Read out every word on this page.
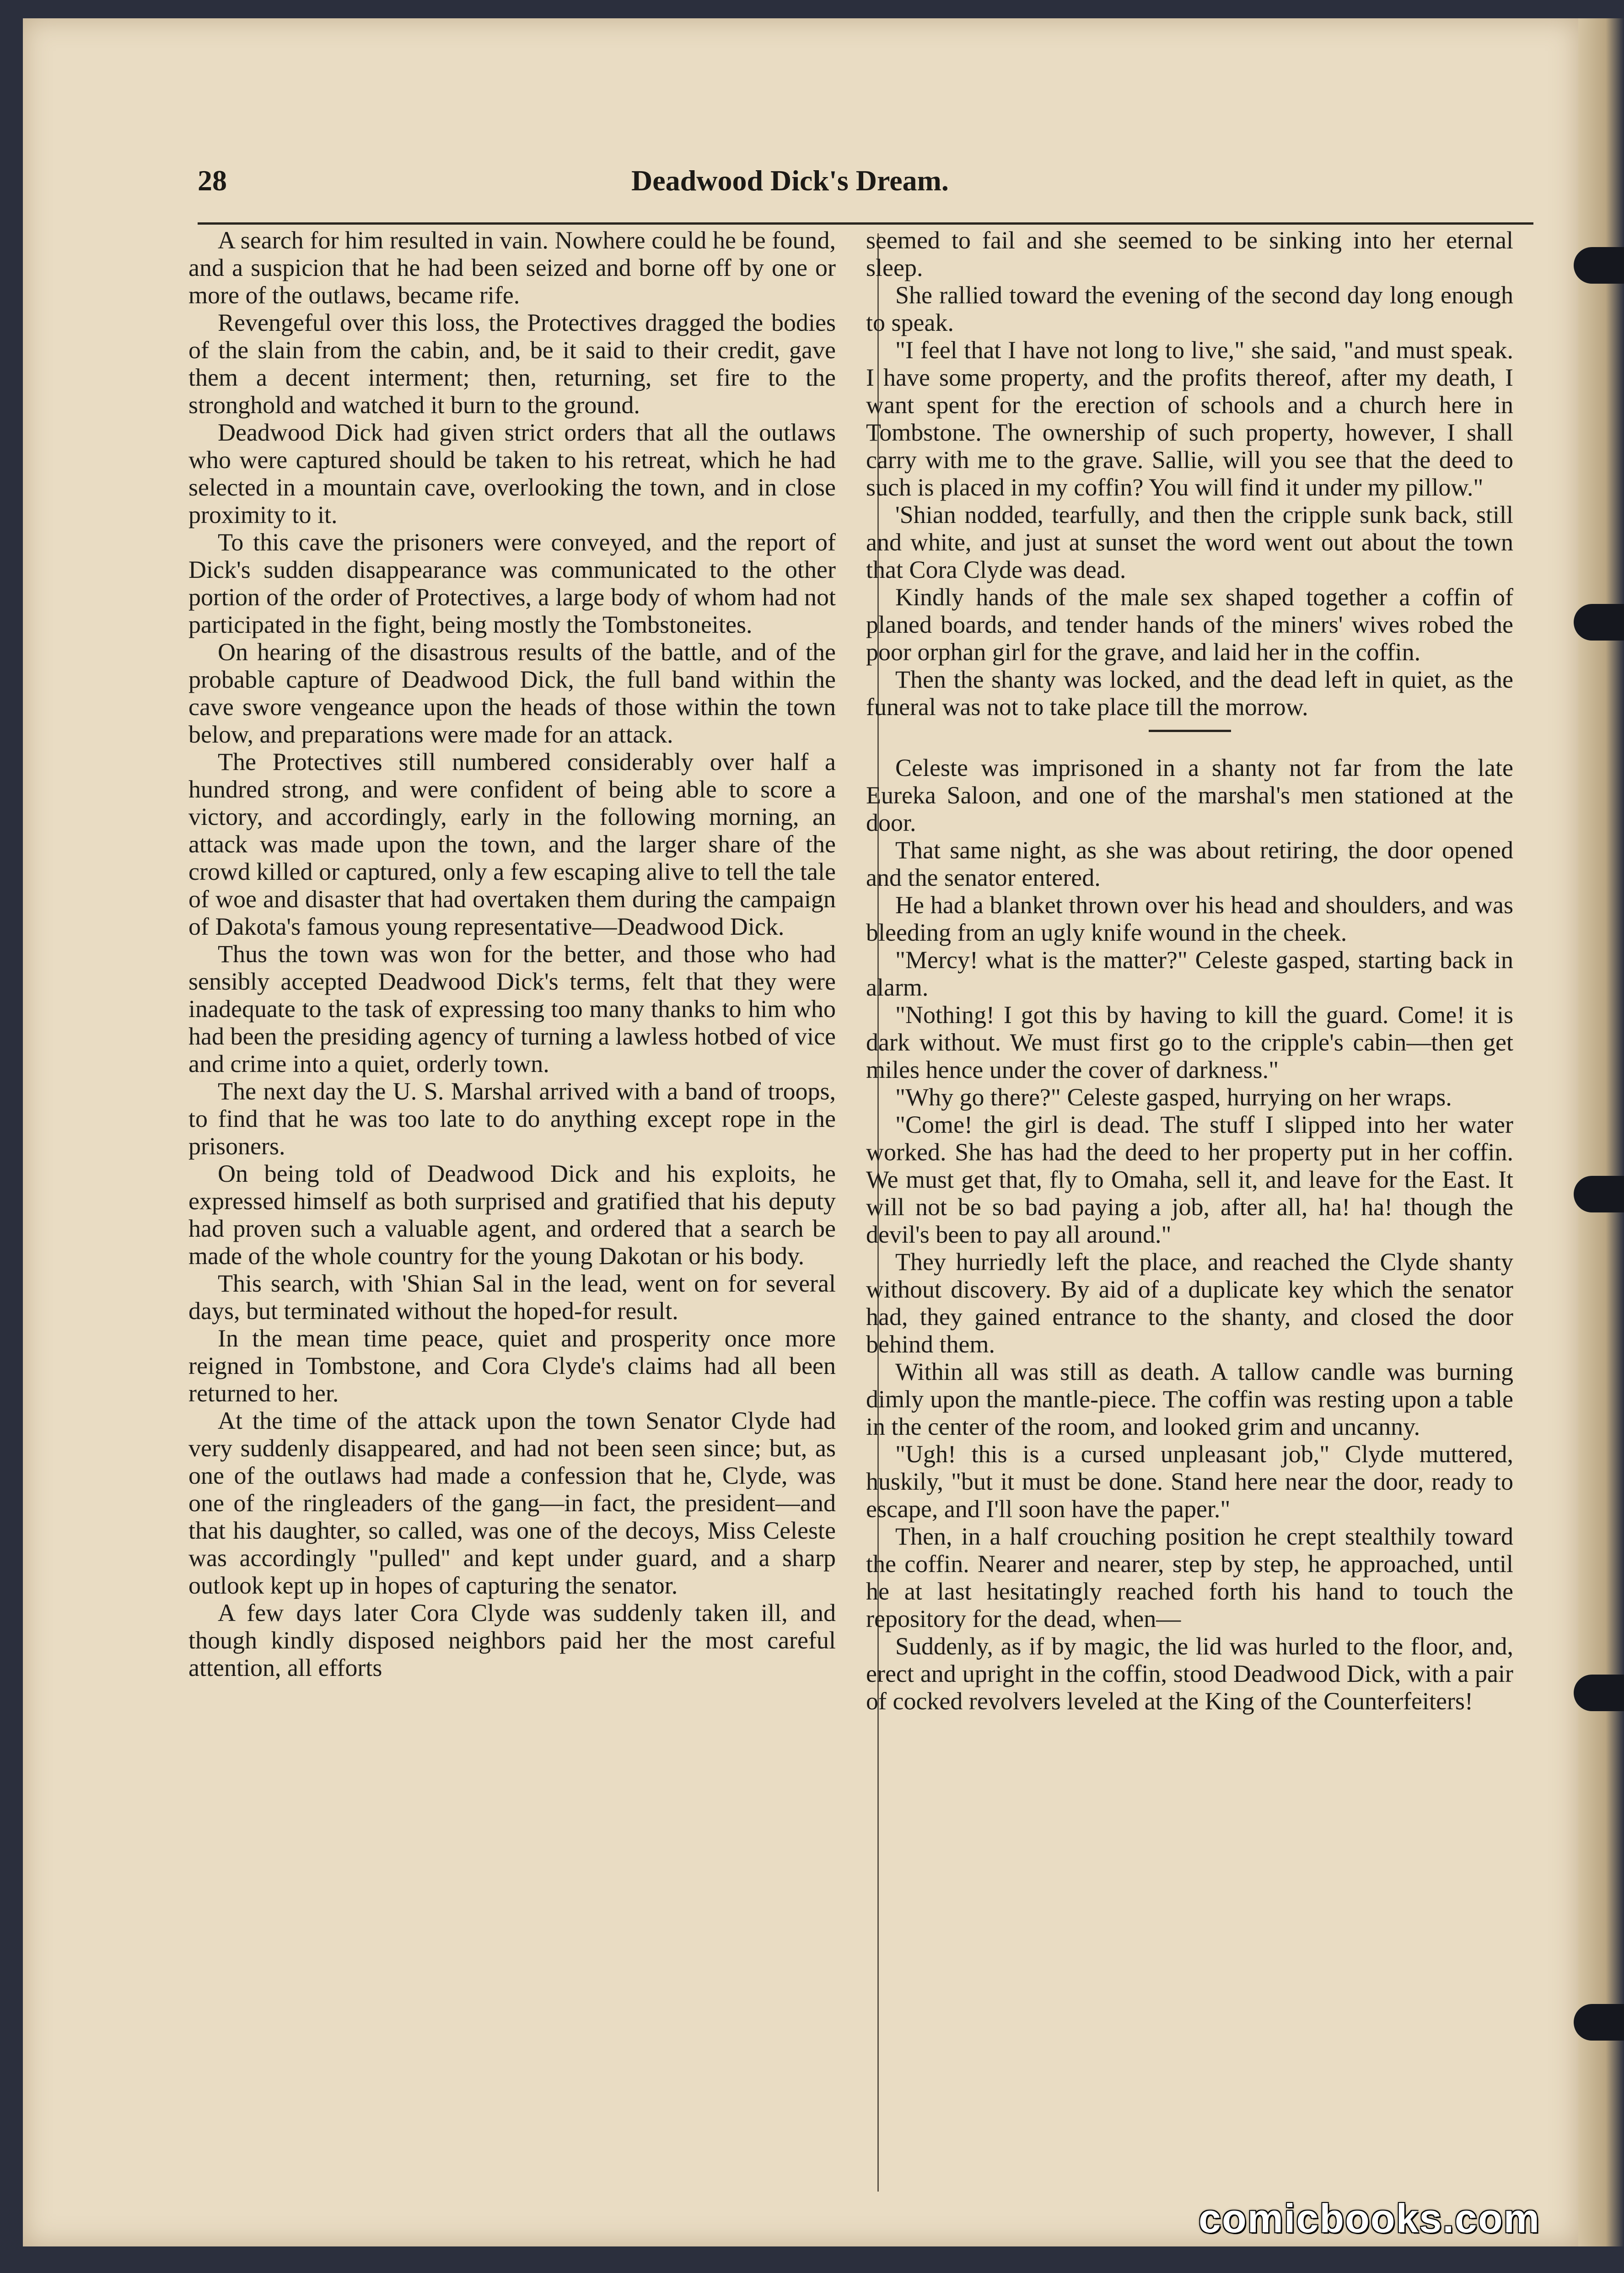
28	Deadwood Dick's Dream.

A search for him resulted in vain. Nowhere could he be found, and a suspicion that he had been seized and borne off by one or more of the outlaws, became rife.

Revengeful over this loss, the Protectives dragged the bodies of the slain from the cabin, and, be it said to their credit, gave them a decent interment; then, returning, set fire to the stronghold and watched it burn to the ground.

Deadwood Dick had given strict orders that all the outlaws who were captured should be taken to his retreat, which he had selected in a mountain cave, overlooking the town, and in close proximity to it.

To this cave the prisoners were conveyed, and the report of Dick's sudden disappearance was communicated to the other portion of the order of Protectives, a large body of whom had not participated in the fight, being mostly the Tombstoneites.

On hearing of the disastrous results of the battle, and of the probable capture of Deadwood Dick, the full band within the cave swore vengeance upon the heads of those within the town below, and preparations were made for an attack.

The Protectives still numbered considerably over half a hundred strong, and were confident of being able to score a victory, and accordingly, early in the following morning, an attack was made upon the town, and the larger share of the crowd killed or captured, only a few escaping alive to tell the tale of woe and disaster that had overtaken them during the campaign of Dakota's famous young representative—Deadwood Dick.

Thus the town was won for the better, and those who had sensibly accepted Deadwood Dick's terms, felt that they were inadequate to the task of expressing too many thanks to him who had been the presiding agency of turning a lawless hotbed of vice and crime into a quiet, orderly town.

The next day the U. S. Marshal arrived with a band of troops, to find that he was too late to do anything except rope in the prisoners.

On being told of Deadwood Dick and his exploits, he expressed himself as both surprised and gratified that his deputy had proven such a valuable agent, and ordered that a search be made of the whole country for the young Dakotan or his body.

This search, with 'Shian Sal in the lead, went on for several days, but terminated without the hoped-for result.

In the mean time peace, quiet and prosperity once more reigned in Tombstone, and Cora Clyde's claims had all been returned to her.

At the time of the attack upon the town Senator Clyde had very suddenly disappeared, and had not been seen since; but, as one of the outlaws had made a confession that he, Clyde, was one of the ringleaders of the gang—in fact, the president—and that his daughter, so called, was one of the decoys, Miss Celeste was accordingly "pulled" and kept under guard, and a sharp outlook kept up in hopes of capturing the senator.

A few days later Cora Clyde was suddenly taken ill, and though kindly disposed neighbors paid her the most careful attention, all efforts

seemed to fail and she seemed to be sinking into her eternal sleep.

She rallied toward the evening of the second day long enough to speak.

"I feel that I have not long to live," she said, "and must speak. I have some property, and the profits thereof, after my death, I want spent for the erection of schools and a church here in Tombstone. The ownership of such property, however, I shall carry with me to the grave. Sallie, will you see that the deed to such is placed in my coffin? You will find it under my pillow."

'Shian nodded, tearfully, and then the cripple sunk back, still and white, and just at sunset the word went out about the town that Cora Clyde was dead.

Kindly hands of the male sex shaped together a coffin of planed boards, and tender hands of the miners' wives robed the poor orphan girl for the grave, and laid her in the coffin.

Then the shanty was locked, and the dead left in quiet, as the funeral was not to take place till the morrow.

Celeste was imprisoned in a shanty not far from the late Eureka Saloon, and one of the marshal's men stationed at the door.

That same night, as she was about retiring, the door opened and the senator entered.

He had a blanket thrown over his head and shoulders, and was bleeding from an ugly knife wound in the cheek.

"Mercy! what is the matter?" Celeste gasped, starting back in alarm.

"Nothing! I got this by having to kill the guard. Come! it is dark without. We must first go to the cripple's cabin—then get miles hence under the cover of darkness."

"Why go there?" Celeste gasped, hurrying on her wraps.

"Come! the girl is dead. The stuff I slipped into her water worked. She has had the deed to her property put in her coffin. We must get that, fly to Omaha, sell it, and leave for the East. It will not be so bad paying a job, after all, ha! ha! though the devil's been to pay all around."

They hurriedly left the place, and reached the Clyde shanty without discovery. By aid of a duplicate key which the senator had, they gained entrance to the shanty, and closed the door behind them.

Within all was still as death. A tallow candle was burning dimly upon the mantle-piece. The coffin was resting upon a table in the center of the room, and looked grim and uncanny.

"Ugh! this is a cursed unpleasant job," Clyde muttered, huskily, "but it must be done. Stand here near the door, ready to escape, and I'll soon have the paper."

Then, in a half crouching position he crept stealthily toward the coffin. Nearer and nearer, step by step, he approached, until he at last hesitatingly reached forth his hand to touch the repository for the dead, when—

Suddenly, as if by magic, the lid was hurled to the floor, and, erect and upright in the coffin, stood Deadwood Dick, with a pair of cocked revolvers leveled at the King of the Counterfeiters!

comicbooks.com
